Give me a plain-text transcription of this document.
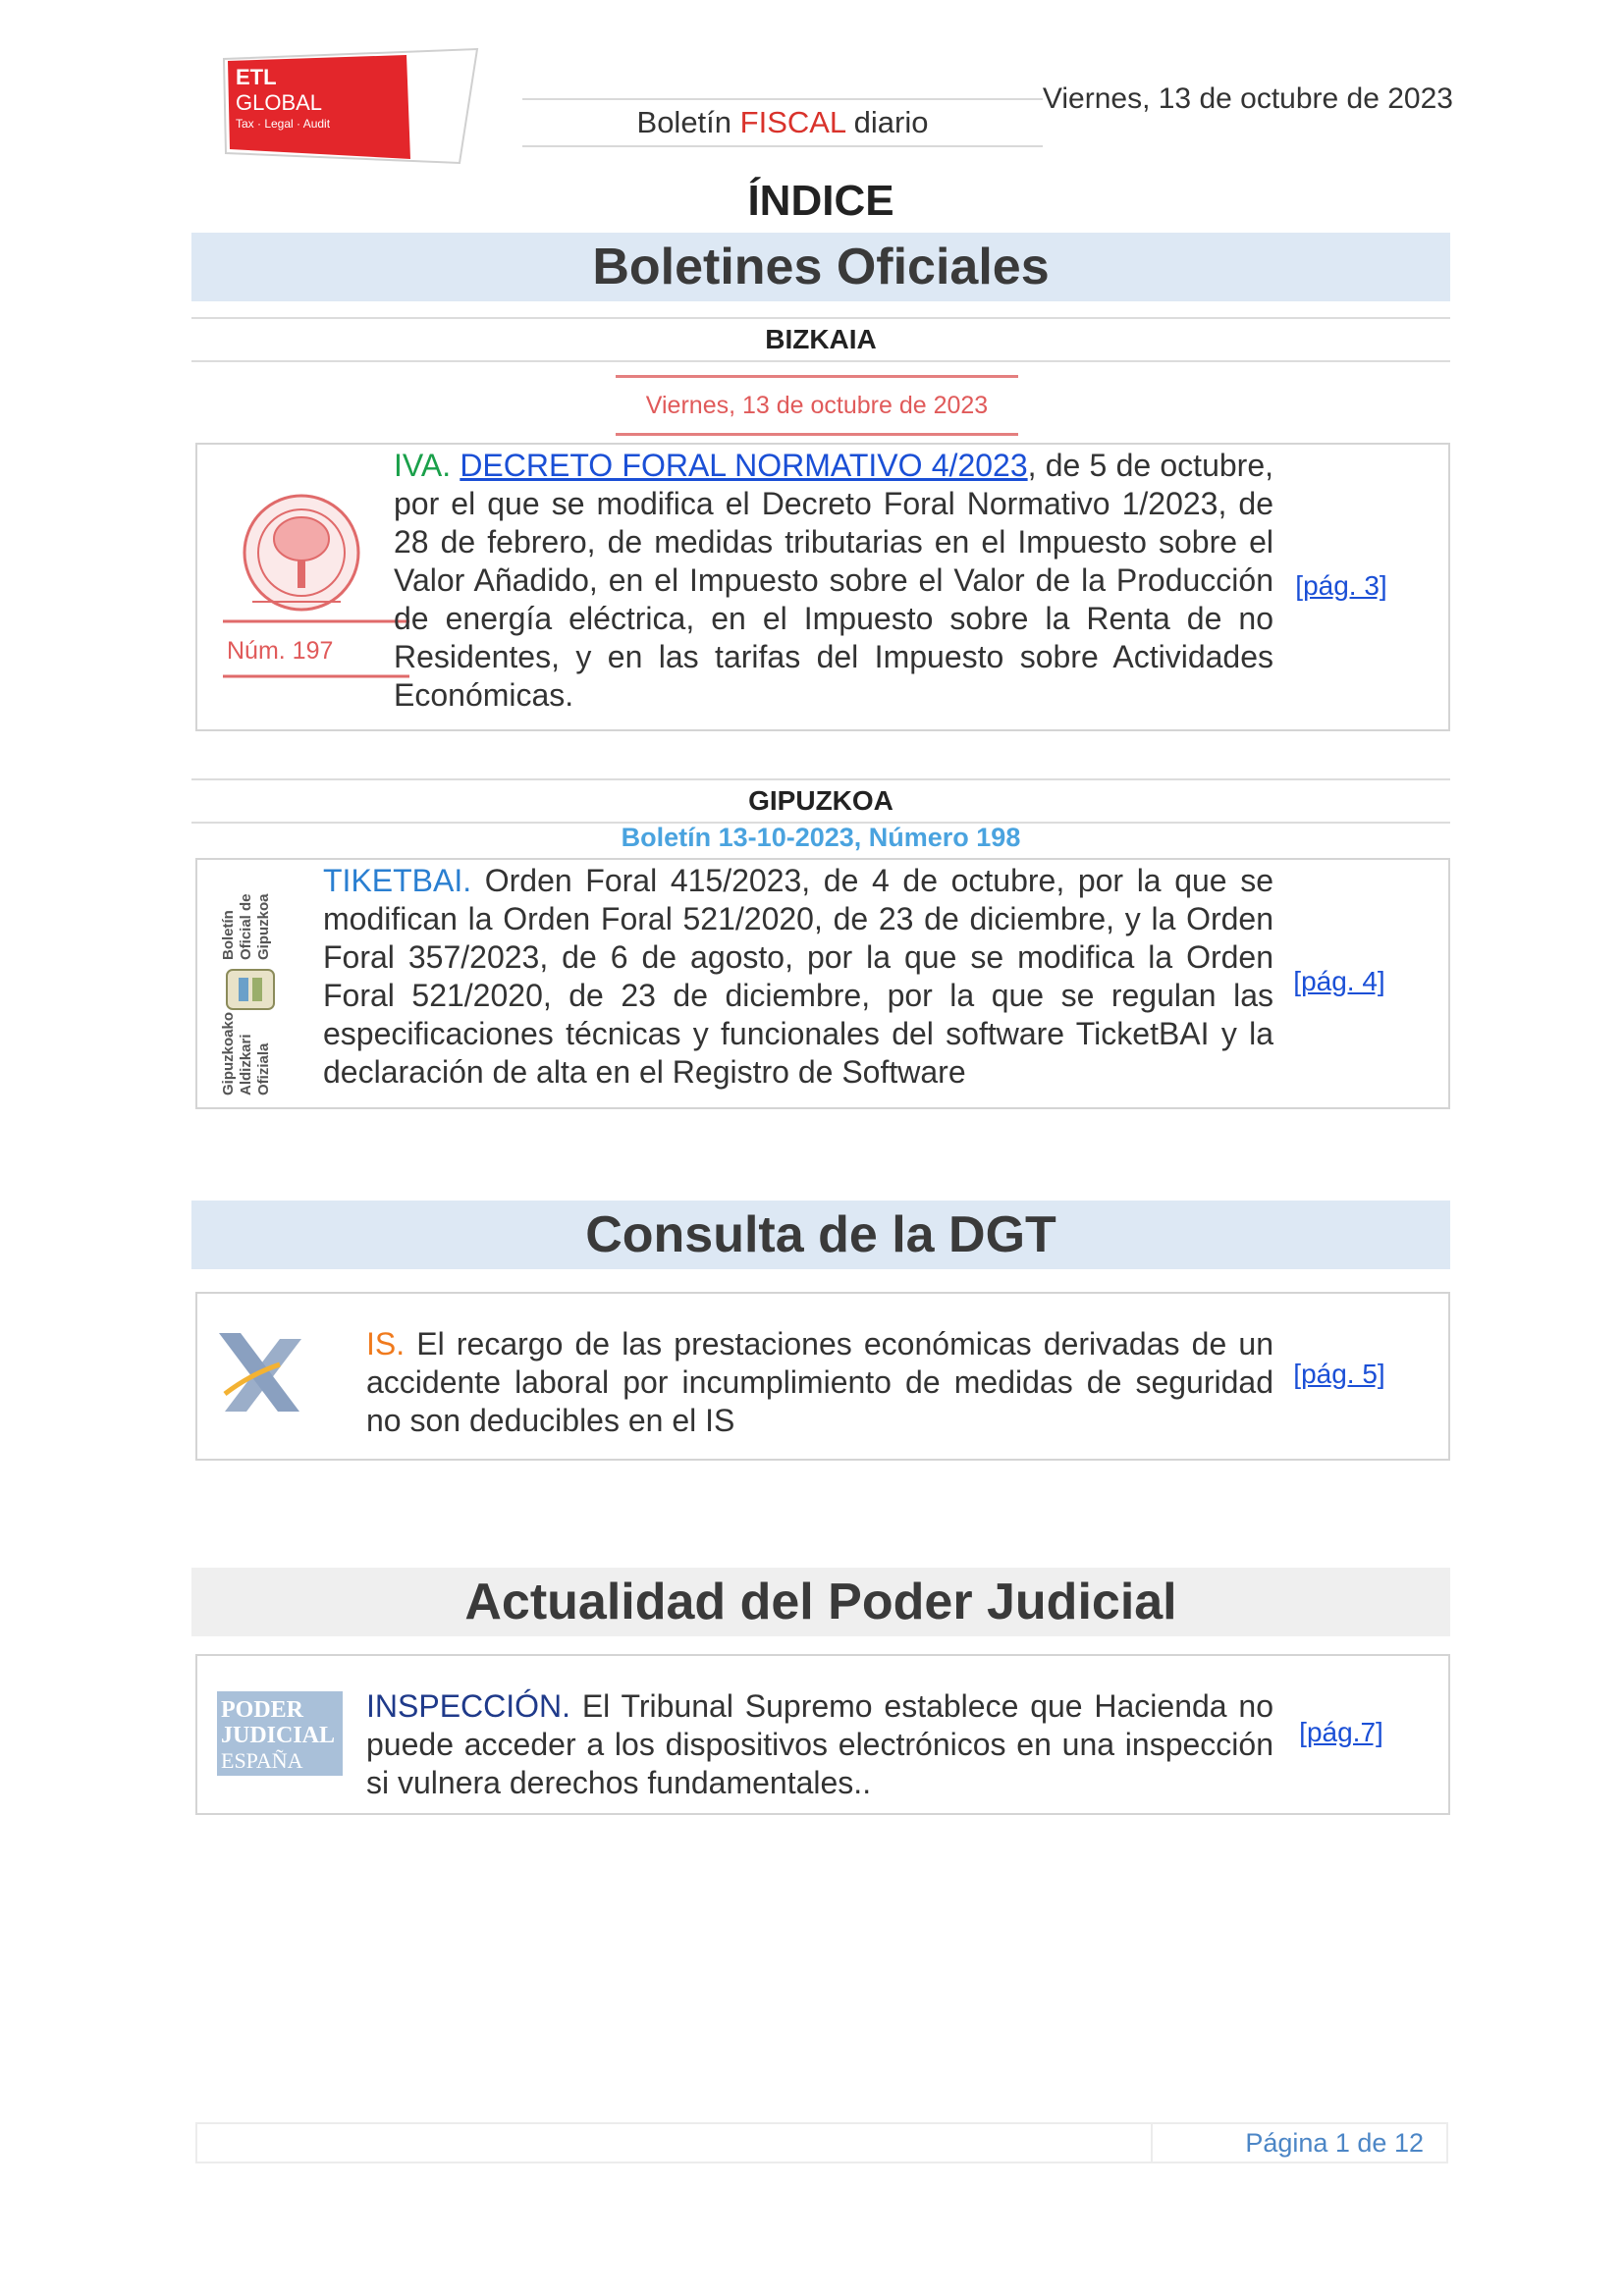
ETL
GLOBAL
Tax · Legal · Audit	Boletín FISCAL diario
Viernes, 13 de octubre de 2023
ÍNDICE
Boletines Oficiales
BIZKAIA
Viernes, 13 de octubre de 2023
Núm. 197
IVA. DECRETO FORAL NORMATIVO 4/2023, de 5 de octubre, por el que se modifica el Decreto Foral Normativo 1/2023, de 28 de febrero, de medidas tributarias en el Impuesto sobre el Valor Añadido, en el Impuesto sobre el Valor de la Producción de energía eléctrica, en el Impuesto sobre la Renta de no Residentes, y en las tarifas del Impuesto sobre Actividades Económicas.
[pág. 3]
GIPUZKOA
Boletín 13-10-2023, Número 198
Boletín Oficial de Gipuzkoa
Gipuzkoako Aldizkari Ofiziala
TIKETBAI. Orden Foral 415/2023, de 4 de octubre, por la que se modifican la Orden Foral 521/2020, de 23 de diciembre, y la Orden Foral 357/2023, de 6 de agosto, por la que se modifica la Orden Foral 521/2020, de 23 de diciembre, por la que se regulan las especificaciones técnicas y funcionales del software TicketBAI y la declaración de alta en el Registro de Software
[pág. 4]
Consulta de la DGT
IS. El recargo de las prestaciones económicas derivadas de un accidente laboral por incumplimiento de medidas de seguridad no son deducibles en el IS
[pág. 5]
Actualidad del Poder Judicial
PODER
JUDICIAL
ESPAÑA
INSPECCIÓN. El Tribunal Supremo establece que Hacienda no puede acceder a los dispositivos electrónicos en una inspección si vulnera derechos fundamentales..
[pág.7]
Página 1 de 12
